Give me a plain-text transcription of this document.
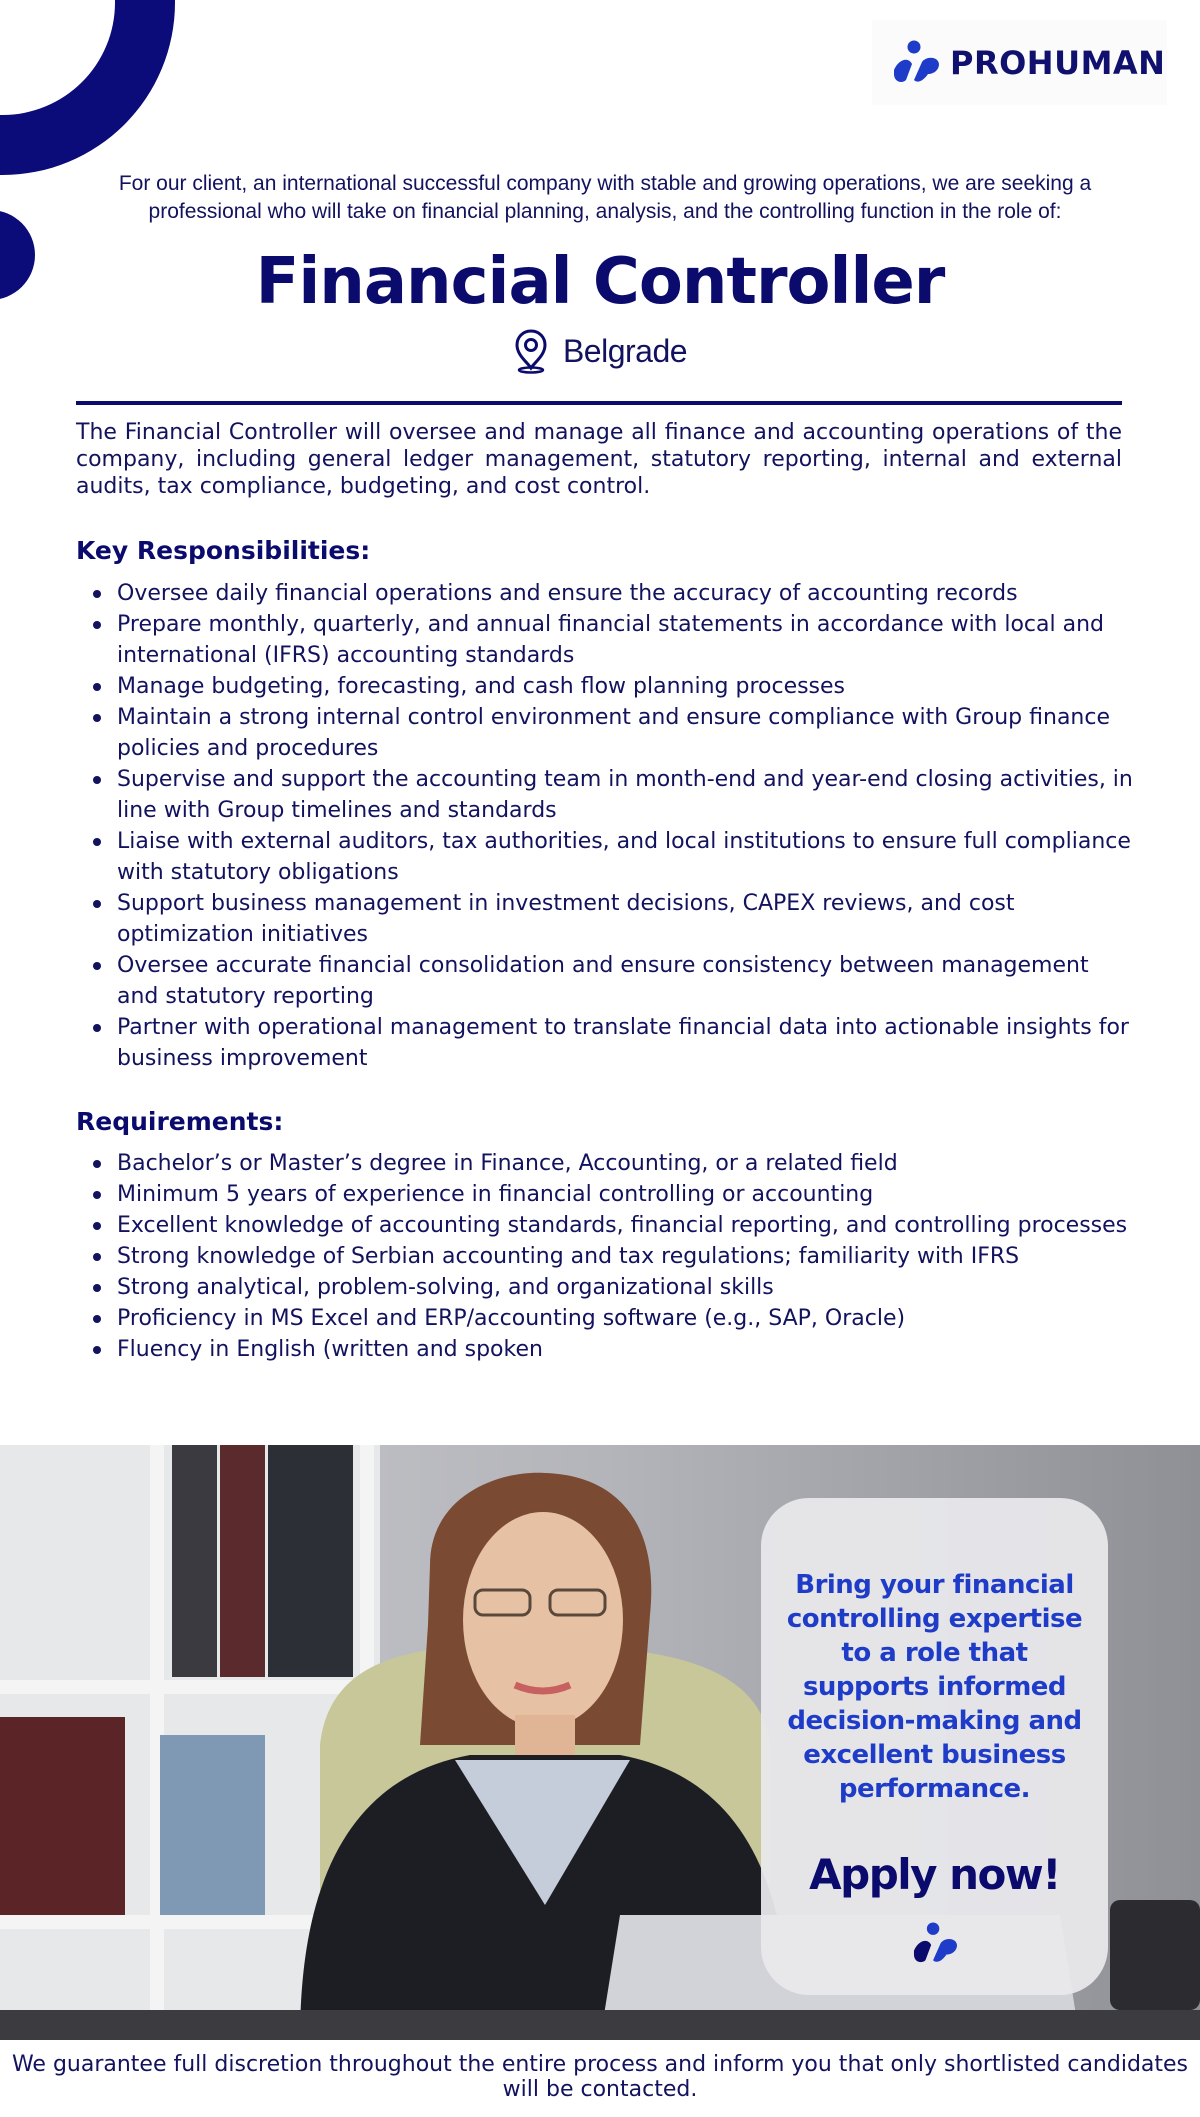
PROHUMAN

For our client, an international successful company with stable and growing operations, we are seeking a professional who will take on financial planning, analysis, and the controlling function in the role of:

Financial Controller
Belgrade

The Financial Controller will oversee and manage all finance and accounting operations of the company, including general ledger management, statutory reporting, internal and external audits, tax compliance, budgeting, and cost control.

Key Responsibilities:
Oversee daily financial operations and ensure the accuracy of accounting records
Prepare monthly, quarterly, and annual financial statements in accordance with local and international (IFRS) accounting standards
Manage budgeting, forecasting, and cash flow planning processes
Maintain a strong internal control environment and ensure compliance with Group finance policies and procedures
Supervise and support the accounting team in month-end and year-end closing activities, in line with Group timelines and standards
Liaise with external auditors, tax authorities, and local institutions to ensure full compliance with statutory obligations
Support business management in investment decisions, CAPEX reviews, and cost optimization initiatives
Oversee accurate financial consolidation and ensure consistency between management and statutory reporting
Partner with operational management to translate financial data into actionable insights for business improvement
Requirements:
Bachelor’s or Master’s degree in Finance, Accounting, or a related field
Minimum 5 years of experience in financial controlling or accounting
Excellent knowledge of accounting standards, financial reporting, and controlling processes
Strong knowledge of Serbian accounting and tax regulations; familiarity with IFRS
Strong analytical, problem-solving, and organizational skills
Proficiency in MS Excel and ERP/accounting software (e.g., SAP, Oracle)
Fluency in English (written and spoken

Bring your financial controlling expertise to a role that supports informed decision-making and excellent business performance.

Apply now!

We guarantee full discretion throughout the entire process and inform you that only shortlisted candidates will be contacted.
